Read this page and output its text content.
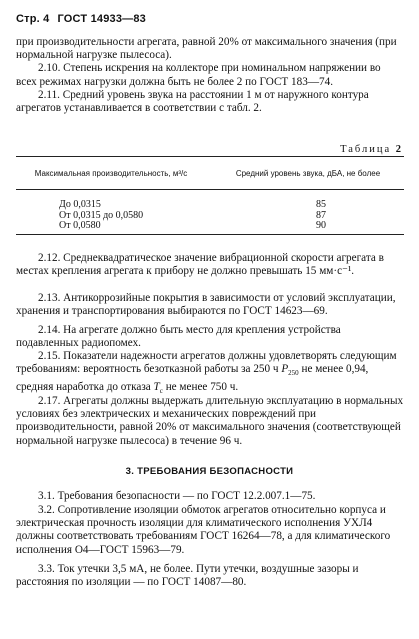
Стр. 4 ГОСТ 14933—83
при производительности агрегата, равной 20% от максимального значения (при нормальной нагрузке пылесоса).
2.10. Степень искрения на коллекторе при номинальном напряжении во всех режимах нагрузки должна быть не более 2 по ГОСТ 183—74.
2.11. Средний уровень звука на расстоянии 1 м от наружного контура агрегатов устанавливается в соответствии с табл. 2.
Таблица 2
Максимальная производительность, м³/с	Средний уровень звука, дБА, не более
До 0,0315
От 0,0315 до 0,0580
От 0,0580
85
87
90
2.12. Среднеквадратическое значение вибрационной скорости агрегата в местах крепления агрегата к прибору не должно превышать 15 мм·с⁻¹.
2.13. Антикоррозийные покрытия в зависимости от условий эксплуатации, хранения и транспортирования выбираются по ГОСТ 14623—69.
2.14. На агрегате должно быть место для крепления устройства подавленных радиопомех.
2.15. Показатели надежности агрегатов должны удовлетворять следующим требованиям: вероятность безотказной работы за 250 ч $P_{250}$ не менее 0,94, средняя наработка до отказа $T_c$ не менее 750 ч.
2.17. Агрегаты должны выдержать длительную эксплуатацию в нормальных условиях без электрических и механических повреждений при производительности, равной 20% от максимального значения (соответствующей нормальной нагрузке пылесоса) в течение 96 ч.
3. ТРЕБОВАНИЯ БЕЗОПАСНОСТИ
3.1. Требования безопасности — по ГОСТ 12.2.007.1—75.
3.2. Сопротивление изоляции обмоток агрегатов относительно корпуса и электрическая прочность изоляции для климатического исполнения УХЛ4 должны соответствовать требованиям ГОСТ 16264—78, а для климатического исполнения О4—ГОСТ 15963—79.
3.3. Ток утечки 3,5 мА, не более. Пути утечки, воздушные зазоры и расстояния по изоляции — по ГОСТ 14087—80.
